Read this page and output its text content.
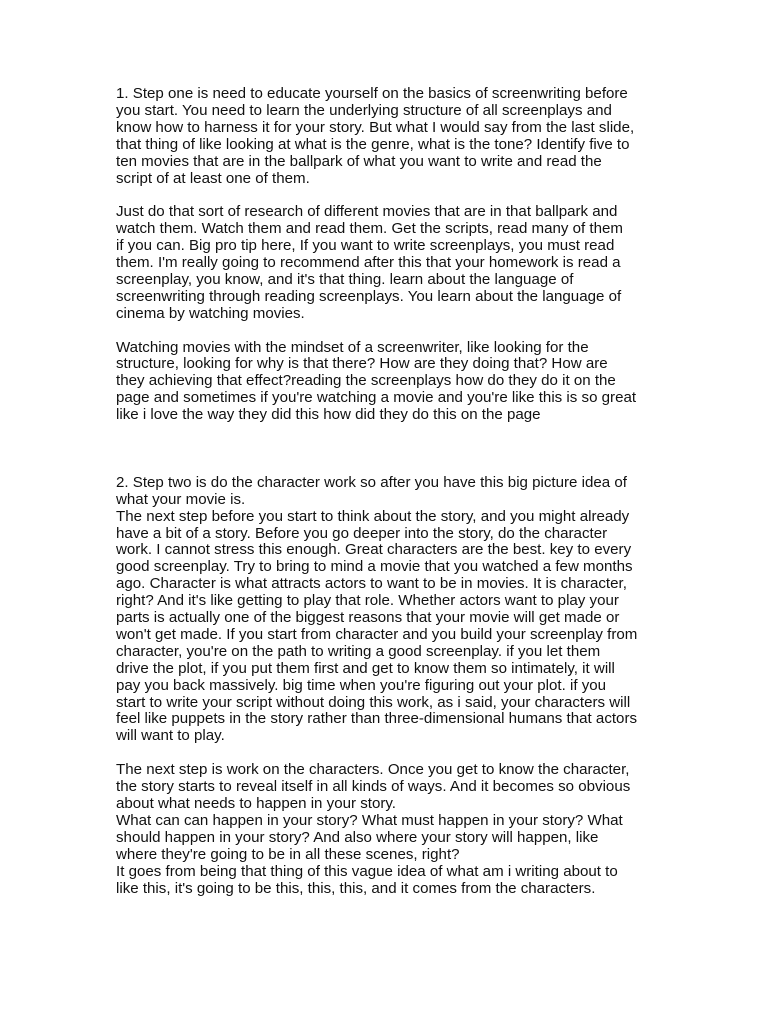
1. Step one is need to educate yourself on the basics of screenwriting before
you start. You need to learn the underlying structure of all screenplays and
know how to harness it for your story. But what I would say from the last slide,
that thing of like looking at what is the genre, what is the tone? Identify five to
ten movies that are in the ballpark of what you want to write and read the
script of at least one of them.

Just do that sort of research of different movies that are in that ballpark and
watch them. Watch them and read them. Get the scripts, read many of them
if you can. Big pro tip here, If you want to write screenplays, you must read
them. I'm really going to recommend after this that your homework is read a
screenplay, you know, and it's that thing. learn about the language of
screenwriting through reading screenplays. You learn about the language of
cinema by watching movies.

Watching movies with the mindset of a screenwriter, like looking for the
structure, looking for why is that there? How are they doing that? How are
they achieving that effect?reading the screenplays how do they do it on the
page and sometimes if you're watching a movie and you're like this is so great
like i love the way they did this how did they do this on the page

2. Step two is do the character work so after you have this big picture idea of
what your movie is.
The next step before you start to think about the story, and you might already
have a bit of a story. Before you go deeper into the story, do the character
work. I cannot stress this enough. Great characters are the best. key to every
good screenplay. Try to bring to mind a movie that you watched a few months
ago. Character is what attracts actors to want to be in movies. It is character,
right? And it's like getting to play that role. Whether actors want to play your
parts is actually one of the biggest reasons that your movie will get made or
won't get made. If you start from character and you build your screenplay from
character, you're on the path to writing a good screenplay. if you let them
drive the plot, if you put them first and get to know them so intimately, it will
pay you back massively. big time when you're figuring out your plot. if you
start to write your script without doing this work, as i said, your characters will
feel like puppets in the story rather than three-dimensional humans that actors
will want to play.

The next step is work on the characters. Once you get to know the character,
the story starts to reveal itself in all kinds of ways. And it becomes so obvious
about what needs to happen in your story.
What can can happen in your story? What must happen in your story? What
should happen in your story? And also where your story will happen, like
where they're going to be in all these scenes, right?
It goes from being that thing of this vague idea of what am i writing about to
like this, it's going to be this, this, this, and it comes from the characters.
